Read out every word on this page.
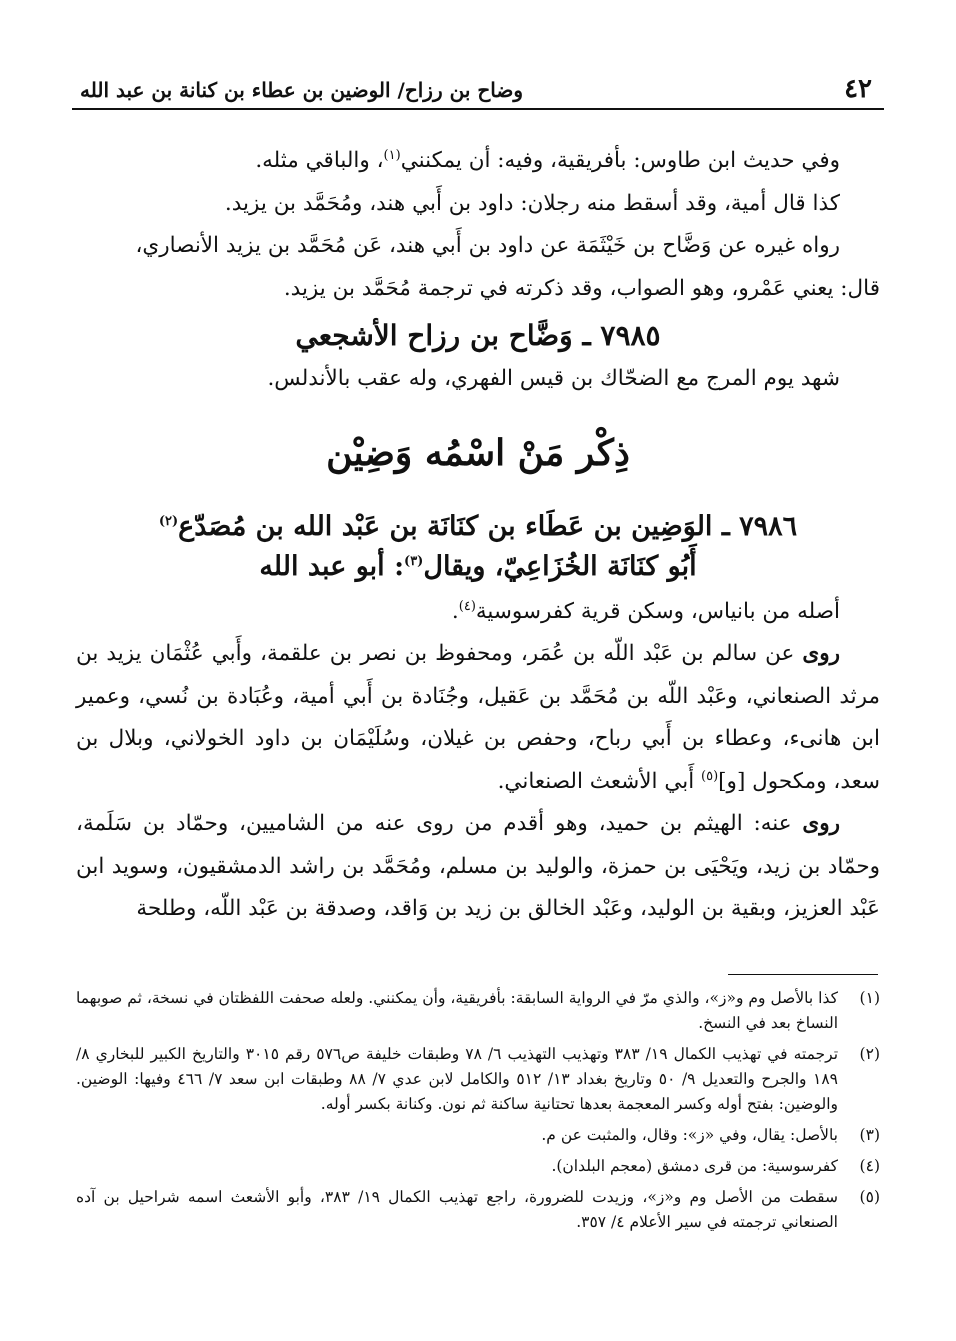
٤٢
وضاح بن رزاح/ الوضين بن عطاء بن كنانة بن عبد الله

وفي حديث ابن طاوس: بأفريقية، وفيه: أن يمكنني$^{(١)}$، والباقي مثله.

كذا قال أمية، وقد أسقط منه رجلان: داود بن أَبي هند، ومُحَمَّد بن يزيد.

رواه غيره عن وَضَّاح بن خَيْثَمَة عن داود بن أَبي هند، عَن مُحَمَّد بن يزيد الأنصاري،

قال: يعني عَمْرو، وهو الصواب، وقد ذكرته في ترجمة مُحَمَّد بن يزيد.

٧٩٨٥ ـ وَضَّاح بن رزاح الأشجعي

شهد يوم المرج مع الضحّاك بن قيس الفهري، وله عقب بالأندلس.

ذِكْر مَنْ اسْمُه وَضِيْن

٧٩٨٦ ـ الوَضِين بن عَطَاء بن كنَانَة بن عَبْد الله بن مُصَدّع$^{(٢)}$

أَبُو كنَانَة الخُزَاعِيّ، ويقال$^{(٣)}$: أبو عبد الله

أصله من بانياس، وسكن قرية كفرسوسية$^{(٤)}$.

روى عن سالم بن عَبْد اللّه بن عُمَر، ومحفوظ بن نصر بن علقمة، وأَبي عُثْمَان يزيد بن مرثد الصنعاني، وعَبْد اللّه بن مُحَمَّد بن عَقيل، وجُنَادة بن أَبي أمية، وعُبَادة بن نُسي، وعمير ابن هانىء، وعطاء بن أَبي رباح، وحفص بن غيلان، وسُلَيْمَان بن داود الخولاني، وبلال بن سعد، ومكحول [و]$^{(٥)}$ أَبي الأشعث الصنعاني.

روى عنه: الهيثم بن حميد، وهو أقدم من روى عنه من الشاميين، وحمّاد بن سَلَمة، وحمّاد بن زيد، ويَحْيَى بن حمزة، والوليد بن مسلم، ومُحَمَّد بن راشد الدمشقيون، وسويد ابن عَبْد العزيز، وبقية بن الوليد، وعَبْد الخالق بن زيد بن وَاقد، وصدقة بن عَبْد اللّه، وطلحة

(١)
كذا بالأصل وم و«ز»، والذي مرّ في الرواية السابقة: بأفريقية، وأن يمكنني. ولعله صحفت اللفظتان في نسخة، ثم صوبهما النساخ بعد في النسخ.
(٢)
ترجمته في تهذيب الكمال ١٩/ ٣٨٣ وتهذيب التهذيب ٦/ ٧٨ وطبقات خليفة ص٥٧٦ رقم ٣٠١٥ والتاريخ الكبير للبخاري ٨/ ١٨٩ والجرح والتعديل ٩/ ٥٠ وتاريخ بغداد ١٣/ ٥١٢ والكامل لابن عدي ٧/ ٨٨ وطبقات ابن سعد ٧/ ٤٦٦ وفيها: الوضين. والوضين: بفتح أوله وكسر المعجمة بعدها تحتانية ساكنة ثم نون. وكنانة بكسر أوله.
(٣)
بالأصل: يقال، وفي «ز»: وقال، والمثبت عن م.
(٤)
كفرسوسية: من قرى دمشق (معجم البلدان).
(٥)
سقطت من الأصل وم و«ز»، وزيدت للضرورة، راجع تهذيب الكمال ١٩/ ٣٨٣، وأبو الأشعث اسمه شراحيل بن آده الصنعاني ترجمته في سير الأعلام ٤/ ٣٥٧.
